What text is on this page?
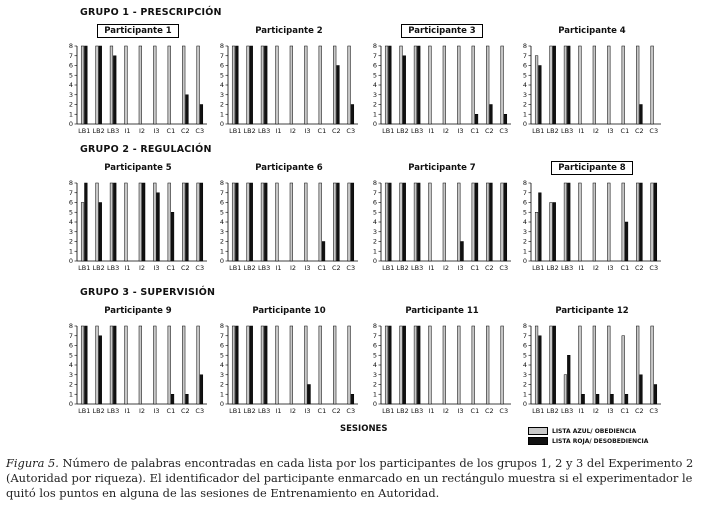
GRUPO 1 - PRESCRIPCIÓN
GRUPO 2 - REGULACIÓN
GRUPO 3 - SUPERVISIÓN
Participante 1
0
1
2
3
4
5
6
7
8
LB1 LB2 LB3 I1 I2 I3 C1 C2 C3
Participante 2
0
1
2
3
4
5
6
7
8
LB1 LB2 LB3 I1 I2 I3 C1 C2 C3
Participante 3
0
1
2
3
4
5
6
7
8
LB1 LB2 LB3 I1 I2 I3 C1 C2 C3
Participante 4
0
1
2
3
4
5
6
7
8
LB1 LB2 LB3 I1 I2 I3 C1 C2 C3
Participante 5
0
1
2
3
4
5
6
7
8
LB1 LB2 LB3 I1 I2 I3 C1 C2 C3
Participante 6
0
1
2
3
4
5
6
7
8
LB1 LB2 LB3 I1 I2 I3 C1 C2 C3
Participante 7
0
1
2
3
4
5
6
7
8
LB1 LB2 LB3 I1 I2 I3 C1 C2 C3
Participante 8
0
1
2
3
4
5
6
7
8
LB1 LB2 LB3 I1 I2 I3 C1 C2 C3
Participante 9
0
1
2
3
4
5
6
7
8
LB1 LB2 LB3 I1 I2 I3 C1 C2 C3
Participante 10
0
1
2
3
4
5
6
7
8
LB1 LB2 LB3 I1 I2 I3 C1 C2 C3
Participante 11
0
1
2
3
4
5
6
7
8
LB1 LB2 LB3 I1 I2 I3 C1 C2 C3
Participante 12
0
1
2
3
4
5
6
7
8
LB1 LB2 LB3 I1 I2 I3 C1 C2 C3
SESIONES	LISTA AZUL/ OBEDIENCIA
LISTA ROJA/ DESOBEDIENCIA
Figura 5. Número de palabras encontradas en cada lista por los participantes de los grupos 1, 2 y 3 del Experimento 2 (Autoridad por riqueza). El identificador del participante enmarcado en un rectángulo muestra si el experimentador le quitó los puntos en alguna de las sesiones de Entrenamiento en Autoridad.
